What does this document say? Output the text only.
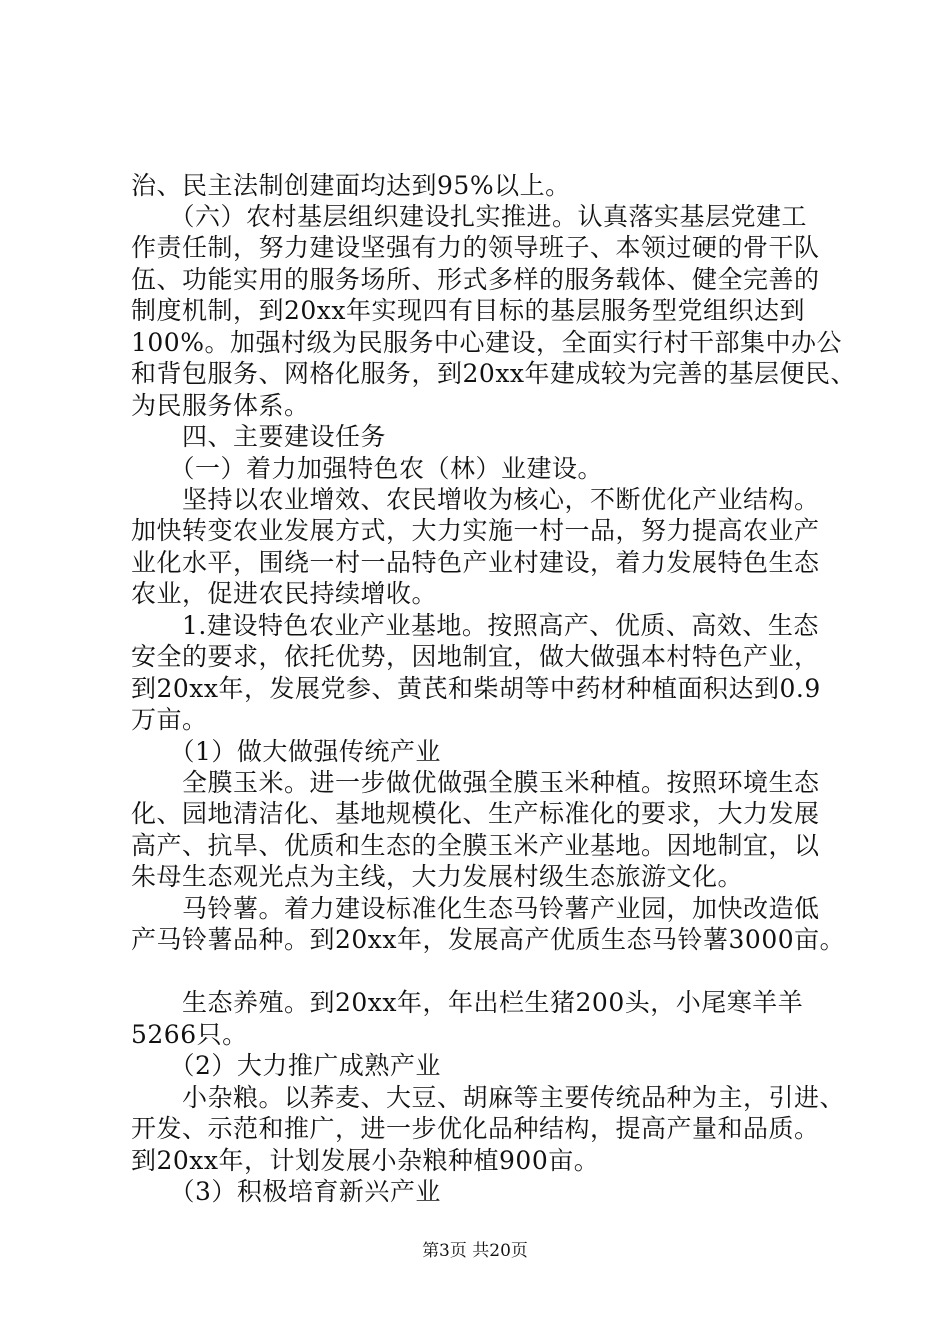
治、民主法制创建面均达到95%以上。
　　（六）农村基层组织建设扎实推进。认真落实基层党建工
作责任制，努力建设坚强有力的领导班子、本领过硬的骨干队
伍、功能实用的服务场所、形式多样的服务载体、健全完善的
制度机制，到20xx年实现四有目标的基层服务型党组织达到
100%。加强村级为民服务中心建设，全面实行村干部集中办公
和背包服务、网格化服务，到20xx年建成较为完善的基层便民、
为民服务体系。
　　四、主要建设任务
　　（一）着力加强特色农（林）业建设。
　　坚持以农业增效、农民增收为核心，不断优化产业结构。
加快转变农业发展方式，大力实施一村一品，努力提高农业产
业化水平，围绕一村一品特色产业村建设，着力发展特色生态
农业，促进农民持续增收。
　　1.建设特色农业产业基地。按照高产、优质、高效、生态
安全的要求，依托优势，因地制宜，做大做强本村特色产业，
到20xx年，发展党参、黄芪和柴胡等中药材种植面积达到0.9
万亩。
　　（1）做大做强传统产业
　　全膜玉米。进一步做优做强全膜玉米种植。按照环境生态
化、园地清洁化、基地规模化、生产标准化的要求，大力发展
高产、抗旱、优质和生态的全膜玉米产业基地。因地制宜，以
朱母生态观光点为主线，大力发展村级生态旅游文化。
　　马铃薯。着力建设标准化生态马铃薯产业园，加快改造低
产马铃薯品种。到20xx年，发展高产优质生态马铃薯3000亩。
　　生态养殖。到20xx年，年出栏生猪200头，小尾寒羊羊
5266只。
　　（2）大力推广成熟产业
　　小杂粮。以荞麦、大豆、胡麻等主要传统品种为主，引进、
开发、示范和推广，进一步优化品种结构，提高产量和品质。
到20xx年，计划发展小杂粮种植900亩。
　　（3）积极培育新兴产业
第3页 共20页
